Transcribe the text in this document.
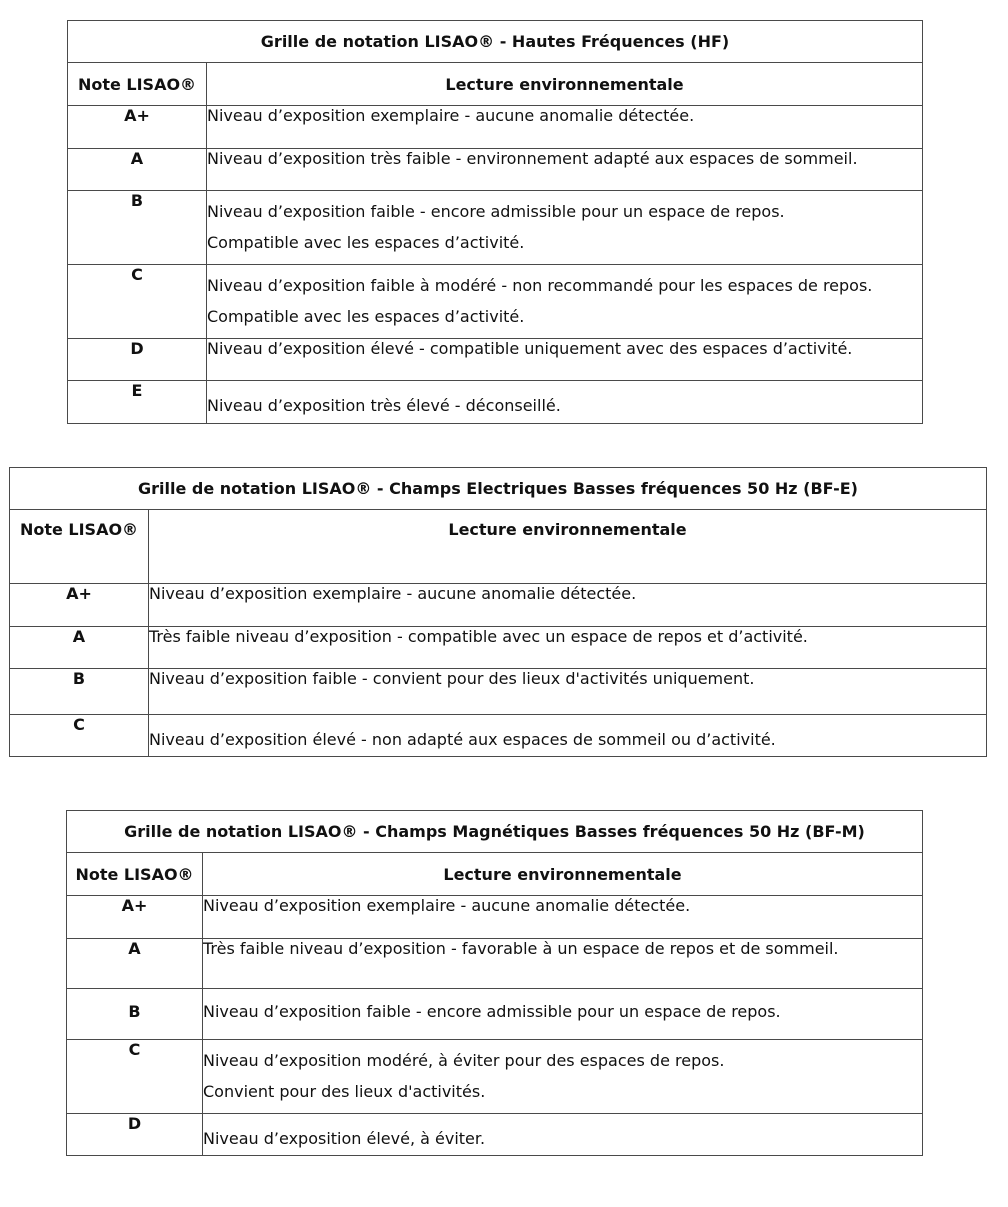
Grille de notation LISAO® - Hautes Fréquences (HF)	
Note LISAO®	Lecture environnementale
A+	Niveau d’exposition exemplaire - aucune anomalie détectée.

A	Niveau d’exposition très faible - environnement adapté aux espaces de sommeil.

B	Niveau d’exposition faible - encore admissible pour un espace de repos.
Compatible avec les espaces d’activité.

C	Niveau d’exposition faible à modéré - non recommandé pour les espaces de repos.
Compatible avec les espaces d’activité.

D	Niveau d’exposition élevé - compatible uniquement avec des espaces d’activité.

E	Niveau d’exposition très élevé - déconseillé.
Grille de notation LISAO® - Champs Electriques Basses fréquences 50 Hz (BF-E)	
Note LISAO®	Lecture environnementale
A+	Niveau d’exposition exemplaire - aucune anomalie détectée.

A	Très faible niveau d’exposition - compatible avec un espace de repos et d’activité.

B	Niveau d’exposition faible - convient pour des lieux d'activités uniquement.

C	Niveau d’exposition élevé - non adapté aux espaces de sommeil ou d’activité.
Grille de notation LISAO® - Champs Magnétiques Basses fréquences 50 Hz (BF-M)	
Note LISAO®	Lecture environnementale
A+	Niveau d’exposition exemplaire - aucune anomalie détectée.

A	Très faible niveau d’exposition - favorable à un espace de repos et de sommeil.

B	Niveau d’exposition faible - encore admissible pour un espace de repos.

C	Niveau d’exposition modéré, à éviter pour des espaces de repos.
Convient pour des lieux d'activités.

D	Niveau d’exposition élevé, à éviter.
